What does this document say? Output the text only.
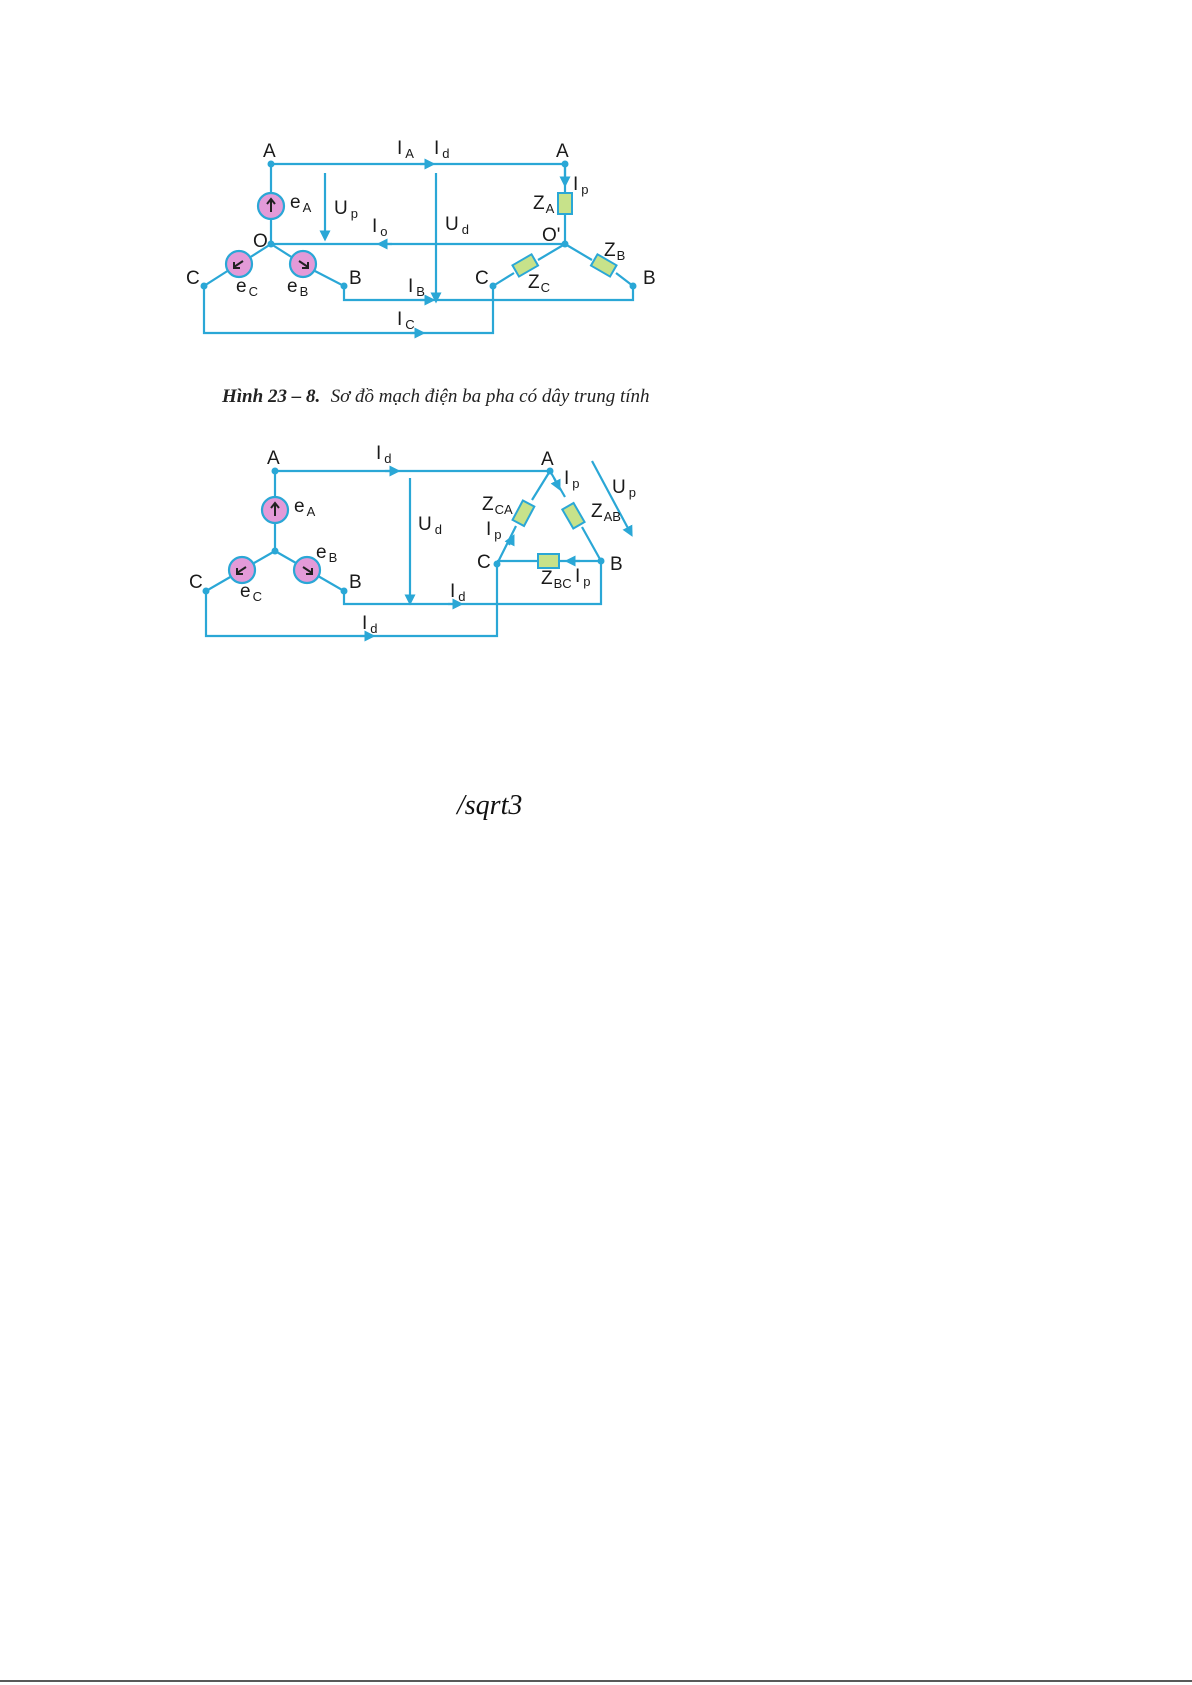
A	A
O	O'
C	B	C	B
I $_A$ I $_d$
I $_p$
$Z_A$
e $_A$ U $_p$
I $_o$	U $_d$
$Z_B$
$Z_C$
e $_C$ e $_B$	I $_B$
I $_C$
Hình 23 – 8. Sơ đồ mạch điện ba pha có dây trung tính
A	A
C	B
C	B
I $_d$
e $_A$
U $_d$
I $_p$ U $_p$
$Z_{CA}$	$Z_{AB}$
I $_p$
e $_B$
$Z_{BC}$ I $_p$
e $_C$	I $_d$
I $_d$
/sqrt3
